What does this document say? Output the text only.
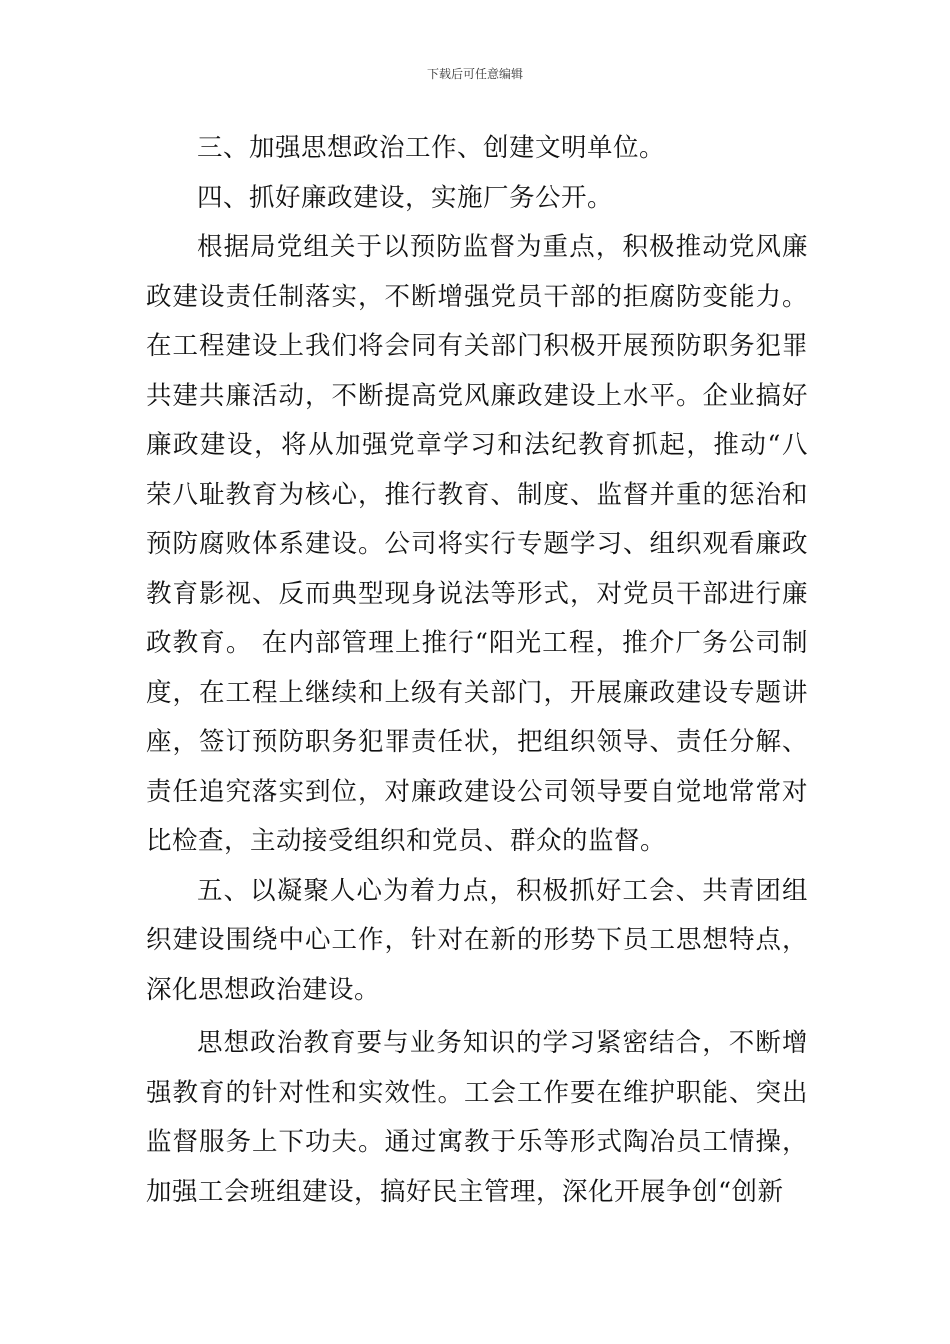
下载后可任意编辑

三、加强思想政治工作、创建文明单位。

四、抓好廉政建设，实施厂务公开。

根据局党组关于以预防监督为重点，积极推动党风廉政建设责任制落实，不断增强党员干部的拒腐防变能力。在工程建设上我们将会同有关部门积极开展预防职务犯罪共建共廉活动，不断提高党风廉政建设上水平。企业搞好廉政建设，将从加强党章学习和法纪教育抓起，推动“八荣八耻教育为核心，推行教育、制度、监督并重的惩治和预防腐败体系建设。公司将实行专题学习、组织观看廉政教育影视、反而典型现身说法等形式，对党员干部进行廉政教育。 在内部管理上推行“阳光工程，推介厂务公司制度，在工程上继续和上级有关部门，开展廉政建设专题讲座，签订预防职务犯罪责任状，把组织领导、责任分解、责任追究落实到位，对廉政建设公司领导要自觉地常常对比检查，主动接受组织和党员、群众的监督。

五、以凝聚人心为着力点，积极抓好工会、共青团组织建设围绕中心工作，针对在新的形势下员工思想特点，深化思想政治建设。

思想政治教育要与业务知识的学习紧密结合，不断增强教育的针对性和实效性。工会工作要在维护职能、突出监督服务上下功夫。通过寓教于乐等形式陶冶员工情操，加强工会班组建设，搞好民主管理，深化开展争创“创新
